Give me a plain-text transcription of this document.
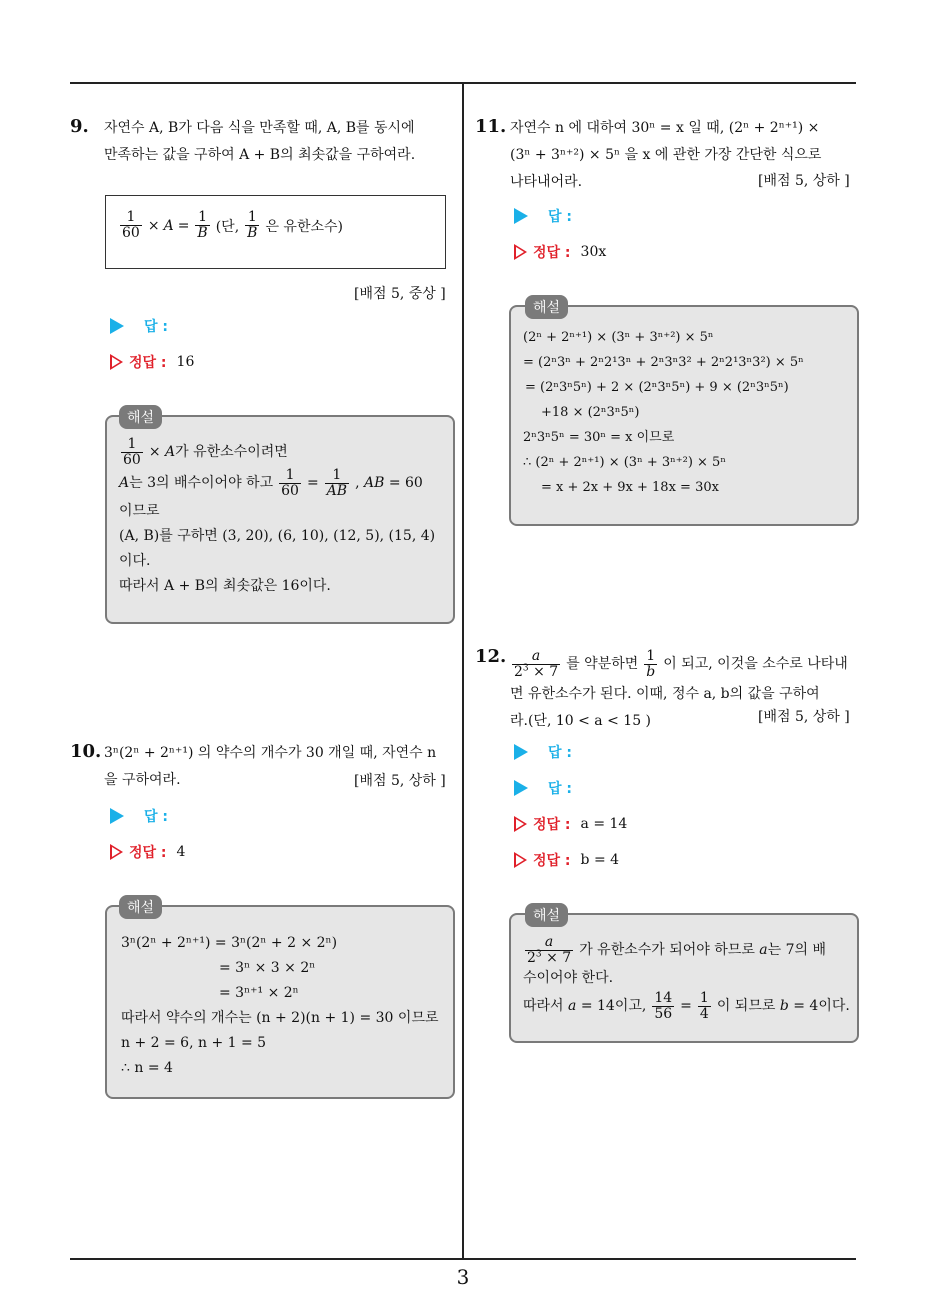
3
9. 자연수 A, B가 다음 식을 만족할 때, A, B를 동시에
만족하는 값을 구하여 A + B의 최솟값을 구하여라.
$\frac{1}{60} \times A = \frac{1}{B}$ (단, $\frac{1}{B}$ 은 유한소수)
[배점 5, 중상 ]
답 :
정답 : 16
해설
$\frac{1}{60} \times A$가 유한소수이려면
A는 3의 배수이어야 하고 $\frac{1}{60} = \frac{1}{AB}$ , AB = 60
이므로
(A, B)를 구하면 (3, 20), (6, 10), (12, 5), (15, 4)
이다.
따라서 A + B의 최솟값은 16이다.
10. 3ⁿ(2ⁿ + 2ⁿ⁺¹) 의 약수의 개수가 30 개일 때, 자연수 n
을 구하여라.	[배점 5, 상하 ]
답 :
정답 : 4
해설
3ⁿ(2ⁿ + 2ⁿ⁺¹) = 3ⁿ(2ⁿ + 2 × 2ⁿ)
= 3ⁿ × 3 × 2ⁿ
= 3ⁿ⁺¹ × 2ⁿ
따라서 약수의 개수는 (n + 2)(n + 1) = 30 이므로
n + 2 = 6, n + 1 = 5
∴ n = 4
11. 자연수 n 에 대하여 30ⁿ = x 일 때, (2ⁿ + 2ⁿ⁺¹) ×
(3ⁿ + 3ⁿ⁺²) × 5ⁿ 을 x 에 관한 가장 간단한 식으로
나타내어라.	[배점 5, 상하 ]
답 :
정답 : 30x
해설
(2ⁿ + 2ⁿ⁺¹) × (3ⁿ + 3ⁿ⁺²) × 5ⁿ
= (2ⁿ3ⁿ + 2ⁿ2¹3ⁿ + 2ⁿ3ⁿ3² + 2ⁿ2¹3ⁿ3²) × 5ⁿ
= (2ⁿ3ⁿ5ⁿ) + 2 × (2ⁿ3ⁿ5ⁿ) + 9 × (2ⁿ3ⁿ5ⁿ)
+18 × (2ⁿ3ⁿ5ⁿ)
2ⁿ3ⁿ5ⁿ = 30ⁿ = x 이므로
∴ (2ⁿ + 2ⁿ⁺¹) × (3ⁿ + 3ⁿ⁺²) × 5ⁿ
= x + 2x + 9x + 18x = 30x
12. $\frac{a}{2^3 \times 7}$ 를 약분하면 $\frac{1}{b}$ 이 되고, 이것을 소수로 나타내
면 유한소수가 된다. 이때, 정수 a, b의 값을 구하여
라.(단, 10 < a < 15 )	[배점 5, 상하 ]
답 :
답 :
정답 : a = 14
정답 : b = 4
해설
$\frac{a}{2^3 \times 7}$ 가 유한소수가 되어야 하므로 a는 7의 배
수이어야 한다.
따라서 a = 14이고, $\frac{14}{56} = \frac{1}{4}$ 이 되므로 b = 4이다.
